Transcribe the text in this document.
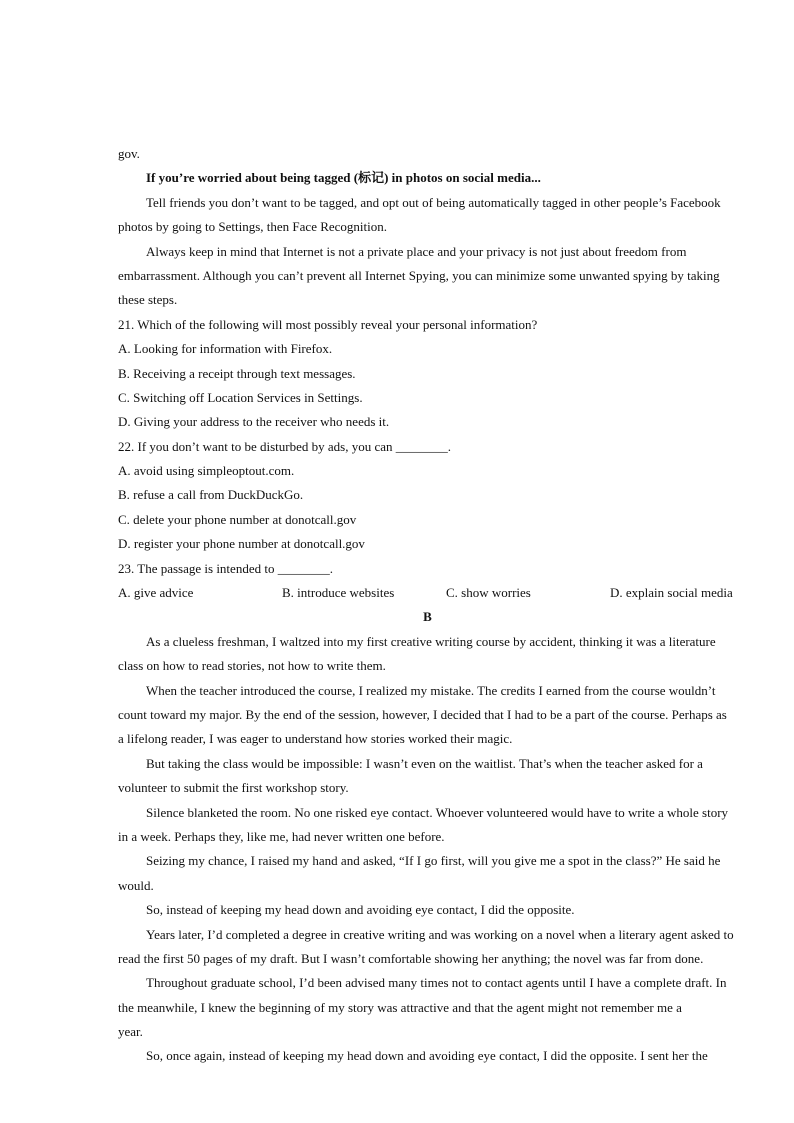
gov.
If you’re worried about being tagged (标记) in photos on social media...
Tell friends you don’t want to be tagged, and opt out of being automatically tagged in other people’s Facebook
photos by going to Settings, then Face Recognition.
Always keep in mind that Internet is not a private place and your privacy is not just about freedom from
embarrassment. Although you can’t prevent all Internet Spying, you can minimize some unwanted spying by taking
these steps.
21. Which of the following will most possibly reveal your personal information?
A. Looking for information with Firefox.
B. Receiving a receipt through text messages.
C. Switching off Location Services in Settings.
D. Giving your address to the receiver who needs it.
22. If you don’t want to be disturbed by ads, you can ________.
A. avoid using simpleoptout.com.
B. refuse a call from DuckDuckGo.
C. delete your phone number at donotcall.gov
D. register your phone number at donotcall.gov
23. The passage is intended to ________.
A. give advice	B. introduce websites	C. show worries	D. explain social media
B
As a clueless freshman, I waltzed into my first creative writing course by accident, thinking it was a literature
class on how to read stories, not how to write them.
When the teacher introduced the course, I realized my mistake. The credits I earned from the course wouldn’t
count toward my major. By the end of the session, however, I decided that I had to be a part of the course. Perhaps as
a lifelong reader, I was eager to understand how stories worked their magic.
But taking the class would be impossible: I wasn’t even on the waitlist. That’s when the teacher asked for a
volunteer to submit the first workshop story.
Silence blanketed the room. No one risked eye contact. Whoever volunteered would have to write a whole story
in a week. Perhaps they, like me, had never written one before.
Seizing my chance, I raised my hand and asked, “If I go first, will you give me a spot in the class?” He said he
would.
So, instead of keeping my head down and avoiding eye contact, I did the opposite.
Years later, I’d completed a degree in creative writing and was working on a novel when a literary agent asked to
read the first 50 pages of my draft. But I wasn’t comfortable showing her anything; the novel was far from done.
Throughout graduate school, I’d been advised many times not to contact agents until I have a complete draft. In
the meanwhile, I knew the beginning of my story was attractive and that the agent might not remember me a
year.
So, once again, instead of keeping my head down and avoiding eye contact, I did the opposite. I sent her the
